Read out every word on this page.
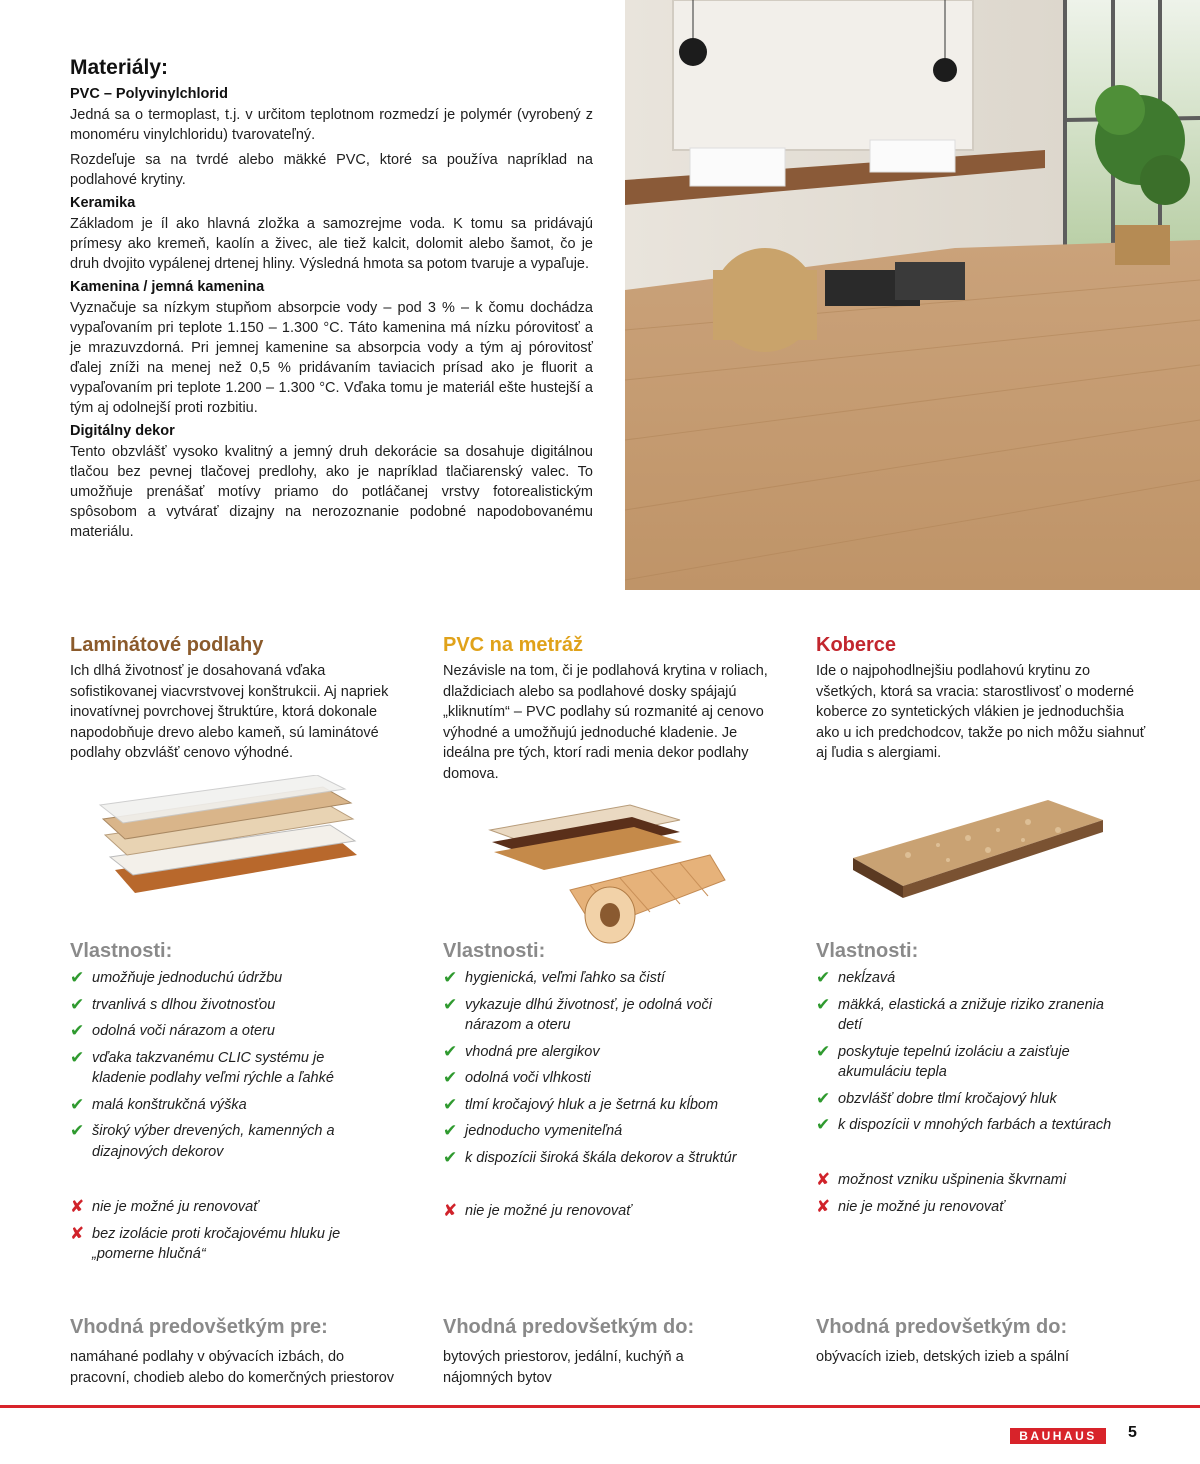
Materiály:
PVC – Polyvinylchlorid

Jedná sa o termoplast, t.j. v určitom teplotnom rozmedzí je polymér (vyrobený z monoméru vinylchloridu) tvarovateľný.

Rozdeľuje sa na tvrdé alebo mäkké PVC, ktoré sa používa napríklad na podlahové krytiny.

Keramika

Základom je íl ako hlavná zložka a samozrejme voda. K tomu sa pridávajú prímesy ako kremeň, kaolín a živec, ale tiež kalcit, dolomit alebo šamot, čo je druh dvojito vypálenej drtenej hliny. Výsledná hmota sa potom tvaruje a vypaľuje.

Kamenina / jemná kamenina

Vyznačuje sa nízkym stupňom absorpcie vody – pod 3 % – k čomu dochádza vypaľovaním pri teplote 1.150 – 1.300 °C. Táto kamenina má nízku pórovitosť a je mrazuvzdorná. Pri jemnej kamenine sa absorpcia vody a tým aj pórovitosť ďalej zníži na menej než 0,5 % pridávaním taviacich prísad ako je fluorit a vypaľovaním pri teplote 1.200 – 1.300 °C. Vďaka tomu je materiál ešte hustejší a tým aj odolnejší proti rozbitiu.

Digitálny dekor

Tento obzvlášť vysoko kvalitný a jemný druh dekorácie sa dosahuje digitálnou tlačou bez pevnej tlačovej predlohy, ako je napríklad tlačiarenský valec. To umožňuje prenášať motívy priamo do potláčanej vrstvy fotorealistickým spôsobom a vytvárať dizajny na nerozoznanie podobné napodobovanému materiálu.

Laminátové podlahy
Ich dlhá životnosť je dosahovaná vďaka sofistikovanej viacvrstvovej konštrukcii. Aj napriek inovatívnej povrchovej štruktúre, ktorá dokonale napodobňuje drevo alebo kameň, sú laminátové podlahy obzvlášť cenovo výhodné.
PVC na metráž
Nezávisle na tom, či je podlahová krytina v roliach, dlaždiciach alebo sa podlahové dosky spájajú „kliknutím“ – PVC podlahy sú rozmanité aj cenovo výhodné a umožňujú jednoduché kladenie. Je ideálna pre tých, ktorí radi menia dekor podlahy domova.
Koberce
Ide o najpohodlnejšiu podlahovú krytinu zo všetkých, ktorá sa vracia: starostlivosť o moderné koberce zo syntetických vlákien je jednoduchšia ako u ich predchodcov, takže po nich môžu siahnuť aj ľudia s alergiami.
Vlastnosti:	Vlastnosti:	Vlastnosti:
✔ umožňuje jednoduchú údržbu
✔ trvanlivá s dlhou životnosťou
✔ odolná voči nárazom a oteru
✔ vďaka takzvanému CLIC systému je kladenie podlahy veľmi rýchle a ľahké
✔ malá konštrukčná výška
✔ široký výber drevených, kamenných a dizajnových dekorov
✘ nie je možné ju renovovať
✘ bez izolácie proti kročajovému hluku je „pomerne hlučná“
✔ hygienická, veľmi ľahko sa čistí
✔ vykazuje dlhú životnosť, je odolná voči nárazom a oteru
✔ vhodná pre alergikov
✔ odolná voči vlhkosti
✔ tlmí kročajový hluk a je šetrná ku kĺbom
✔ jednoducho vymeniteľná
✔ k dispozícii široká škála dekorov a štruktúr
✘ nie je možné ju renovovať
✔ nekĺzavá
✔ mäkká, elastická a znižuje riziko zranenia detí
✔ poskytuje tepelnú izoláciu a zaisťuje akumuláciu tepla
✔ obzvlášť dobre tlmí kročajový hluk
✔ k dispozícii v mnohých farbách a textúrach
✘ možnost vzniku ušpinenia škvrnami
✘ nie je možné ju renovovať
Vhodná predovšetkým pre:
namáhané podlahy v obývacích izbách, do pracovní, chodieb alebo do komerčných priestorov
Vhodná predovšetkým do:
bytových priestorov, jedální, kuchýň a nájomných bytov
Vhodná predovšetkým do:
obývacích izieb, detských izieb a spální
BAUHAUS	5
